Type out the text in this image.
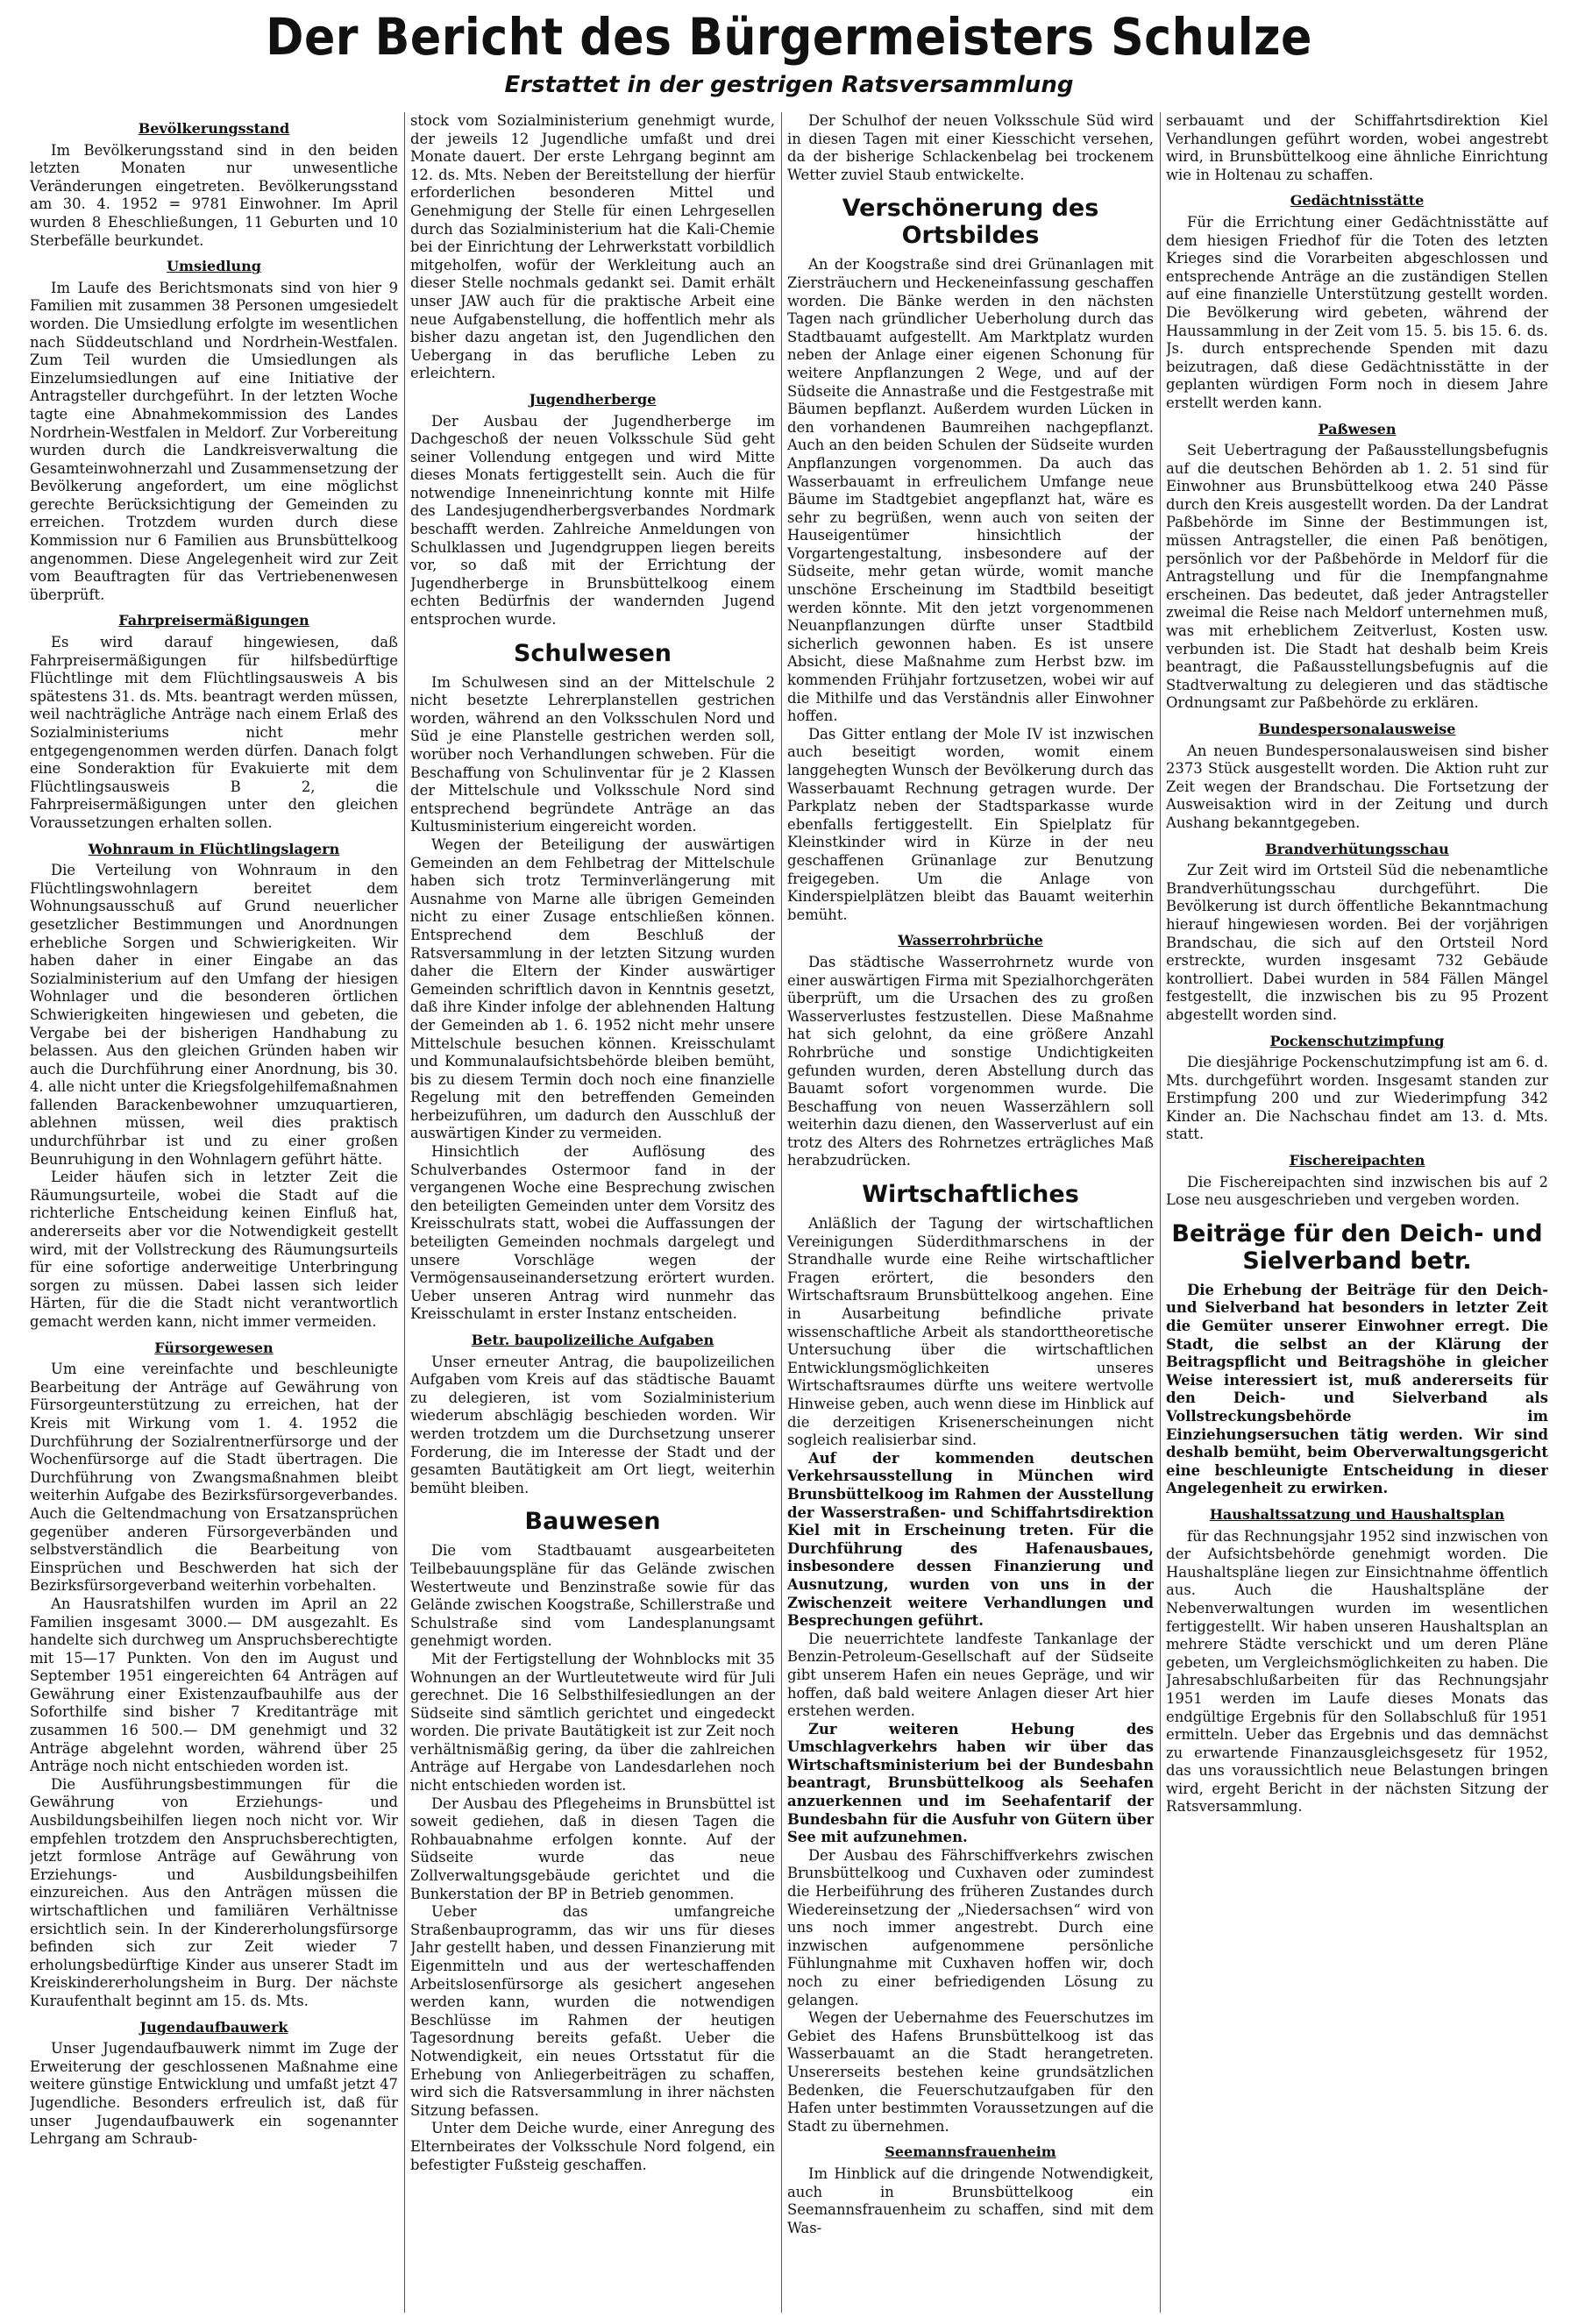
Der Bericht des Bürgermeisters Schulze
Erstattet in der gestrigen Ratsversammlung
Bevölkerungsstand

Im Bevölkerungsstand sind in den beiden letzten Monaten nur unwesentliche Veränderungen eingetreten. Bevölkerungsstand am 30. 4. 1952 = 9781 Einwohner. Im April wurden 8 Eheschließungen, 11 Geburten und 10 Sterbefälle beurkundet.

Umsiedlung

Im Laufe des Berichtsmonats sind von hier 9 Familien mit zusammen 38 Personen umgesiedelt worden. Die Umsiedlung erfolgte im wesentlichen nach Süddeutschland und Nordrhein-Westfalen. Zum Teil wurden die Umsiedlungen als Einzelumsiedlungen auf eine Initiative der Antragsteller durchgeführt. In der letzten Woche tagte eine Abnahmekommission des Landes Nordrhein-Westfalen in Meldorf. Zur Vorbereitung wurden durch die Landkreisverwaltung die Gesamteinwohnerzahl und Zusammensetzung der Bevölkerung angefordert, um eine möglichst gerechte Berücksichtigung der Gemeinden zu erreichen. Trotzdem wurden durch diese Kommission nur 6 Familien aus Brunsbüttelkoog angenommen. Diese Angelegenheit wird zur Zeit vom Beauftragten für das Vertriebenenwesen überprüft.

Fahrpreisermäßigungen

Es wird darauf hingewiesen, daß Fahrpreisermäßigungen für hilfsbedürftige Flüchtlinge mit dem Flüchtlingsausweis A bis spätestens 31. ds. Mts. beantragt werden müssen, weil nachträgliche Anträge nach einem Erlaß des Sozialministeriums nicht mehr entgegengenommen werden dürfen. Danach folgt eine Sonderaktion für Evakuierte mit dem Flüchtlingsausweis B 2, die Fahrpreisermäßigungen unter den gleichen Voraussetzungen erhalten sollen.

Wohnraum in Flüchtlingslagern

Die Verteilung von Wohnraum in den Flüchtlingswohnlagern bereitet dem Wohnungsausschuß auf Grund neuerlicher gesetzlicher Bestimmungen und Anordnungen erhebliche Sorgen und Schwierigkeiten. Wir haben daher in einer Eingabe an das Sozialministerium auf den Umfang der hiesigen Wohnlager und die besonderen örtlichen Schwierigkeiten hingewiesen und gebeten, die Vergabe bei der bisherigen Handhabung zu belassen. Aus den gleichen Gründen haben wir auch die Durchführung einer Anordnung, bis 30. 4. alle nicht unter die Kriegsfolgehilfemaßnahmen fallenden Barackenbewohner umzuquartieren, ablehnen müssen, weil dies praktisch undurchführbar ist und zu einer großen Beunruhigung in den Wohnlagern geführt hätte.

Leider häufen sich in letzter Zeit die Räumungsurteile, wobei die Stadt auf die richterliche Entscheidung keinen Einfluß hat, andererseits aber vor die Notwendigkeit gestellt wird, mit der Vollstreckung des Räumungsurteils für eine sofortige anderweitige Unterbringung sorgen zu müssen. Dabei lassen sich leider Härten, für die die Stadt nicht verantwortlich gemacht werden kann, nicht immer vermeiden.

Fürsorgewesen

Um eine vereinfachte und beschleunigte Bearbeitung der Anträge auf Gewährung von Fürsorgeunterstützung zu erreichen, hat der Kreis mit Wirkung vom 1. 4. 1952 die Durchführung der Sozialrentnerfürsorge und der Wochenfürsorge auf die Stadt übertragen. Die Durchführung von Zwangsmaßnahmen bleibt weiterhin Aufgabe des Bezirksfürsorgeverbandes. Auch die Geltendmachung von Ersatzansprüchen gegenüber anderen Fürsorgeverbänden und selbstverständlich die Bearbeitung von Einsprüchen und Beschwerden hat sich der Bezirksfürsorgeverband weiterhin vorbehalten.

An Hausratshilfen wurden im April an 22 Familien insgesamt 3000.— DM ausgezahlt. Es handelte sich durchweg um Anspruchsberechtigte mit 15—17 Punkten. Von den im August und September 1951 eingereichten 64 Anträgen auf Gewährung einer Existenzaufbauhilfe aus der Soforthilfe sind bisher 7 Kreditanträge mit zusammen 16 500.— DM genehmigt und 32 Anträge abgelehnt worden, während über 25 Anträge noch nicht entschieden worden ist.

Die Ausführungsbestimmungen für die Gewährung von Erziehungs- und Ausbildungsbeihilfen liegen noch nicht vor. Wir empfehlen trotzdem den Anspruchsberechtigten, jetzt formlose Anträge auf Gewährung von Erziehungs- und Ausbildungsbeihilfen einzureichen. Aus den Anträgen müssen die wirtschaftlichen und familiären Verhältnisse ersichtlich sein. In der Kindererholungsfürsorge befinden sich zur Zeit wieder 7 erholungsbedürftige Kinder aus unserer Stadt im Kreiskindererholungsheim in Burg. Der nächste Kuraufenthalt beginnt am 15. ds. Mts.

Jugendaufbauwerk

Unser Jugendaufbauwerk nimmt im Zuge der Erweiterung der geschlossenen Maßnahme eine weitere günstige Entwicklung und umfaßt jetzt 47 Jugendliche. Besonders erfreulich ist, daß für unser Jugendaufbauwerk ein sogenannter Lehrgang am Schraub-

stock vom Sozialministerium genehmigt wurde, der jeweils 12 Jugendliche umfaßt und drei Monate dauert. Der erste Lehrgang beginnt am 12. ds. Mts. Neben der Bereitstellung der hierfür erforderlichen besonderen Mittel und Genehmigung der Stelle für einen Lehrgesellen durch das Sozialministerium hat die Kali-Chemie bei der Einrichtung der Lehrwerkstatt vorbildlich mitgeholfen, wofür der Werkleitung auch an dieser Stelle nochmals gedankt sei. Damit erhält unser JAW auch für die praktische Arbeit eine neue Aufgabenstellung, die hoffentlich mehr als bisher dazu angetan ist, den Jugendlichen den Uebergang in das berufliche Leben zu erleichtern.

Jugendherberge

Der Ausbau der Jugendherberge im Dachgeschoß der neuen Volksschule Süd geht seiner Vollendung entgegen und wird Mitte dieses Monats fertiggestellt sein. Auch die für notwendige Inneneinrichtung konnte mit Hilfe des Landesjugendherbergsverbandes Nordmark beschafft werden. Zahlreiche Anmeldungen von Schulklassen und Jugendgruppen liegen bereits vor, so daß mit der Errichtung der Jugendherberge in Brunsbüttelkoog einem echten Bedürfnis der wandernden Jugend entsprochen wurde.

Schulwesen

Im Schulwesen sind an der Mittelschule 2 nicht besetzte Lehrerplanstellen gestrichen worden, während an den Volksschulen Nord und Süd je eine Planstelle gestrichen werden soll, worüber noch Verhandlungen schweben. Für die Beschaffung von Schulinventar für je 2 Klassen der Mittelschule und Volksschule Nord sind entsprechend begründete Anträge an das Kultusministerium eingereicht worden.

Wegen der Beteiligung der auswärtigen Gemeinden an dem Fehlbetrag der Mittelschule haben sich trotz Terminverlängerung mit Ausnahme von Marne alle übrigen Gemeinden nicht zu einer Zusage entschließen können. Entsprechend dem Beschluß der Ratsversammlung in der letzten Sitzung wurden daher die Eltern der Kinder auswärtiger Gemeinden schriftlich davon in Kenntnis gesetzt, daß ihre Kinder infolge der ablehnenden Haltung der Gemeinden ab 1. 6. 1952 nicht mehr unsere Mittelschule besuchen können. Kreisschulamt und Kommunalaufsichtsbehörde bleiben bemüht, bis zu diesem Termin doch noch eine finanzielle Regelung mit den betreffenden Gemeinden herbeizuführen, um dadurch den Ausschluß der auswärtigen Kinder zu vermeiden.

Hinsichtlich der Auflösung des Schulverbandes Ostermoor fand in der vergangenen Woche eine Besprechung zwischen den beteiligten Gemeinden unter dem Vorsitz des Kreisschulrats statt, wobei die Auffassungen der beteiligten Gemeinden nochmals dargelegt und unsere Vorschläge wegen der Vermögensauseinandersetzung erörtert wurden. Ueber unseren Antrag wird nunmehr das Kreisschulamt in erster Instanz entscheiden.

Betr. baupolizeiliche Aufgaben

Unser erneuter Antrag, die baupolizeilichen Aufgaben vom Kreis auf das städtische Bauamt zu delegieren, ist vom Sozialministerium wiederum abschlägig beschieden worden. Wir werden trotzdem um die Durchsetzung unserer Forderung, die im Interesse der Stadt und der gesamten Bautätigkeit am Ort liegt, weiterhin bemüht bleiben.

Bauwesen

Die vom Stadtbauamt ausgearbeiteten Teilbebauungspläne für das Gelände zwischen Westertweute und Benzinstraße sowie für das Gelände zwischen Koogstraße, Schillerstraße und Schulstraße sind vom Landesplanungsamt genehmigt worden.

Mit der Fertigstellung der Wohnblocks mit 35 Wohnungen an der Wurtleutetweute wird für Juli gerechnet. Die 16 Selbsthilfesiedlungen an der Südseite sind sämtlich gerichtet und eingedeckt worden. Die private Bautätigkeit ist zur Zeit noch verhältnismäßig gering, da über die zahlreichen Anträge auf Hergabe von Landesdarlehen noch nicht entschieden worden ist.

Der Ausbau des Pflegeheims in Brunsbüttel ist soweit gediehen, daß in diesen Tagen die Rohbauabnahme erfolgen konnte. Auf der Südseite wurde das neue Zollverwaltungsgebäude gerichtet und die Bunkerstation der BP in Betrieb genommen.

Ueber das umfangreiche Straßenbauprogramm, das wir uns für dieses Jahr gestellt haben, und dessen Finanzierung mit Eigenmitteln und aus der werteschaffenden Arbeitslosenfürsorge als gesichert angesehen werden kann, wurden die notwendigen Beschlüsse im Rahmen der heutigen Tagesordnung bereits gefaßt. Ueber die Notwendigkeit, ein neues Ortsstatut für die Erhebung von Anliegerbeiträgen zu schaffen, wird sich die Ratsversammlung in ihrer nächsten Sitzung befassen.

Unter dem Deiche wurde, einer Anregung des Elternbeirates der Volksschule Nord folgend, ein befestigter Fußsteig geschaffen.

Der Schulhof der neuen Volksschule Süd wird in diesen Tagen mit einer Kiesschicht versehen, da der bisherige Schlackenbelag bei trockenem Wetter zuviel Staub entwickelte.

Verschönerung des Ortsbildes

An der Koogstraße sind drei Grünanlagen mit Ziersträuchern und Heckeneinfassung geschaffen worden. Die Bänke werden in den nächsten Tagen nach gründlicher Ueberholung durch das Stadtbauamt aufgestellt. Am Marktplatz wurden neben der Anlage einer eigenen Schonung für weitere Anpflanzungen 2 Wege, und auf der Südseite die Annastraße und die Festgestraße mit Bäumen bepflanzt. Außerdem wurden Lücken in den vorhandenen Baumreihen nachgepflanzt. Auch an den beiden Schulen der Südseite wurden Anpflanzungen vorgenommen. Da auch das Wasserbauamt in erfreulichem Umfange neue Bäume im Stadtgebiet angepflanzt hat, wäre es sehr zu begrüßen, wenn auch von seiten der Hauseigentümer hinsichtlich der Vorgartengestaltung, insbesondere auf der Südseite, mehr getan würde, womit manche unschöne Erscheinung im Stadtbild beseitigt werden könnte. Mit den jetzt vorgenommenen Neuanpflanzungen dürfte unser Stadtbild sicherlich gewonnen haben. Es ist unsere Absicht, diese Maßnahme zum Herbst bzw. im kommenden Frühjahr fortzusetzen, wobei wir auf die Mithilfe und das Verständnis aller Einwohner hoffen.

Das Gitter entlang der Mole IV ist inzwischen auch beseitigt worden, womit einem langgehegten Wunsch der Bevölkerung durch das Wasserbauamt Rechnung getragen wurde. Der Parkplatz neben der Stadtsparkasse wurde ebenfalls fertiggestellt. Ein Spielplatz für Kleinstkinder wird in Kürze in der neu geschaffenen Grünanlage zur Benutzung freigegeben. Um die Anlage von Kinderspielplätzen bleibt das Bauamt weiterhin bemüht.

Wasserrohrbrüche

Das städtische Wasserrohrnetz wurde von einer auswärtigen Firma mit Spezialhorchgeräten überprüft, um die Ursachen des zu großen Wasserverlustes festzustellen. Diese Maßnahme hat sich gelohnt, da eine größere Anzahl Rohrbrüche und sonstige Undichtigkeiten gefunden wurden, deren Abstellung durch das Bauamt sofort vorgenommen wurde. Die Beschaffung von neuen Wasserzählern soll weiterhin dazu dienen, den Wasserverlust auf ein trotz des Alters des Rohrnetzes erträgliches Maß herabzudrücken.

Wirtschaftliches

Anläßlich der Tagung der wirtschaftlichen Vereinigungen Süderdithmarschens in der Strandhalle wurde eine Reihe wirtschaftlicher Fragen erörtert, die besonders den Wirtschaftsraum Brunsbüttelkoog angehen. Eine in Ausarbeitung befindliche private wissenschaftliche Arbeit als standorttheoretische Untersuchung über die wirtschaftlichen Entwicklungsmöglichkeiten unseres Wirtschaftsraumes dürfte uns weitere wertvolle Hinweise geben, auch wenn diese im Hinblick auf die derzeitigen Krisenerscheinungen nicht sogleich realisierbar sind.

Auf der kommenden deutschen Verkehrsausstellung in München wird Brunsbüttelkoog im Rahmen der Ausstellung der Wasserstraßen- und Schiffahrtsdirektion Kiel mit in Erscheinung treten. Für die Durchführung des Hafenausbaues, insbesondere dessen Finanzierung und Ausnutzung, wurden von uns in der Zwischenzeit weitere Verhandlungen und Besprechungen geführt.

Die neuerrichtete landfeste Tankanlage der Benzin-Petroleum-Gesellschaft auf der Südseite gibt unserem Hafen ein neues Gepräge, und wir hoffen, daß bald weitere Anlagen dieser Art hier erstehen werden.

Zur weiteren Hebung des Umschlagverkehrs haben wir über das Wirtschaftsministerium bei der Bundesbahn beantragt, Brunsbüttelkoog als Seehafen anzuerkennen und im Seehafentarif der Bundesbahn für die Ausfuhr von Gütern über See mit aufzunehmen.

Der Ausbau des Fährschiffverkehrs zwischen Brunsbüttelkoog und Cuxhaven oder zumindest die Herbeiführung des früheren Zustandes durch Wiedereinsetzung der „Niedersachsen“ wird von uns noch immer angestrebt. Durch eine inzwischen aufgenommene persönliche Fühlungnahme mit Cuxhaven hoffen wir, doch noch zu einer befriedigenden Lösung zu gelangen.

Wegen der Uebernahme des Feuerschutzes im Gebiet des Hafens Brunsbüttelkoog ist das Wasserbauamt an die Stadt herangetreten. Unsererseits bestehen keine grundsätzlichen Bedenken, die Feuerschutzaufgaben für den Hafen unter bestimmten Voraussetzungen auf die Stadt zu übernehmen.

Seemannsfrauenheim

Im Hinblick auf die dringende Notwendigkeit, auch in Brunsbüttelkoog ein Seemannsfrauenheim zu schaffen, sind mit dem Was-

serbauamt und der Schiffahrtsdirektion Kiel Verhandlungen geführt worden, wobei angestrebt wird, in Brunsbüttelkoog eine ähnliche Einrichtung wie in Holtenau zu schaffen.

Gedächtnisstätte

Für die Errichtung einer Gedächtnisstätte auf dem hiesigen Friedhof für die Toten des letzten Krieges sind die Vorarbeiten abgeschlossen und entsprechende Anträge an die zuständigen Stellen auf eine finanzielle Unterstützung gestellt worden. Die Bevölkerung wird gebeten, während der Haussammlung in der Zeit vom 15. 5. bis 15. 6. ds. Js. durch entsprechende Spenden mit dazu beizutragen, daß diese Gedächtnisstätte in der geplanten würdigen Form noch in diesem Jahre erstellt werden kann.

Paßwesen

Seit Uebertragung der Paßausstellungsbefugnis auf die deutschen Behörden ab 1. 2. 51 sind für Einwohner aus Brunsbüttelkoog etwa 240 Pässe durch den Kreis ausgestellt worden. Da der Landrat Paßbehörde im Sinne der Bestimmungen ist, müssen Antragsteller, die einen Paß benötigen, persönlich vor der Paßbehörde in Meldorf für die Antragstellung und für die Inempfangnahme erscheinen. Das bedeutet, daß jeder Antragsteller zweimal die Reise nach Meldorf unternehmen muß, was mit erheblichem Zeitverlust, Kosten usw. verbunden ist. Die Stadt hat deshalb beim Kreis beantragt, die Paßausstellungsbefugnis auf die Stadtverwaltung zu delegieren und das städtische Ordnungsamt zur Paßbehörde zu erklären.

Bundespersonalausweise

An neuen Bundespersonalausweisen sind bisher 2373 Stück ausgestellt worden. Die Aktion ruht zur Zeit wegen der Brandschau. Die Fortsetzung der Ausweisaktion wird in der Zeitung und durch Aushang bekanntgegeben.

Brandverhütungsschau

Zur Zeit wird im Ortsteil Süd die nebenamtliche Brandverhütungsschau durchgeführt. Die Bevölkerung ist durch öffentliche Bekanntmachung hierauf hingewiesen worden. Bei der vorjährigen Brandschau, die sich auf den Ortsteil Nord erstreckte, wurden insgesamt 732 Gebäude kontrolliert. Dabei wurden in 584 Fällen Mängel festgestellt, die inzwischen bis zu 95 Prozent abgestellt worden sind.

Pockenschutzimpfung

Die diesjährige Pockenschutzimpfung ist am 6. d. Mts. durchgeführt worden. Insgesamt standen zur Erstimpfung 200 und zur Wiederimpfung 342 Kinder an. Die Nachschau findet am 13. d. Mts. statt.

Fischereipachten

Die Fischereipachten sind inzwischen bis auf 2 Lose neu ausgeschrieben und vergeben worden.

Beiträge für den Deich- und Sielverband betr.

Die Erhebung der Beiträge für den Deich- und Sielverband hat besonders in letzter Zeit die Gemüter unserer Einwohner erregt. Die Stadt, die selbst an der Klärung der Beitragspflicht und Beitragshöhe in gleicher Weise interessiert ist, muß andererseits für den Deich- und Sielverband als Vollstreckungsbehörde im Einziehungsersuchen tätig werden. Wir sind deshalb bemüht, beim Oberverwaltungsgericht eine beschleunigte Entscheidung in dieser Angelegenheit zu erwirken.

Haushaltssatzung und Haushaltsplan

für das Rechnungsjahr 1952 sind inzwischen von der Aufsichtsbehörde genehmigt worden. Die Haushaltspläne liegen zur Einsichtnahme öffentlich aus. Auch die Haushaltspläne der Nebenverwaltungen wurden im wesentlichen fertiggestellt. Wir haben unseren Haushaltsplan an mehrere Städte verschickt und um deren Pläne gebeten, um Vergleichsmöglichkeiten zu haben. Die Jahresabschlußarbeiten für das Rechnungsjahr 1951 werden im Laufe dieses Monats das endgültige Ergebnis für den Sollabschluß für 1951 ermitteln. Ueber das Ergebnis und das demnächst zu erwartende Finanzausgleichsgesetz für 1952, das uns voraussichtlich neue Belastungen bringen wird, ergeht Bericht in der nächsten Sitzung der Ratsversammlung.
